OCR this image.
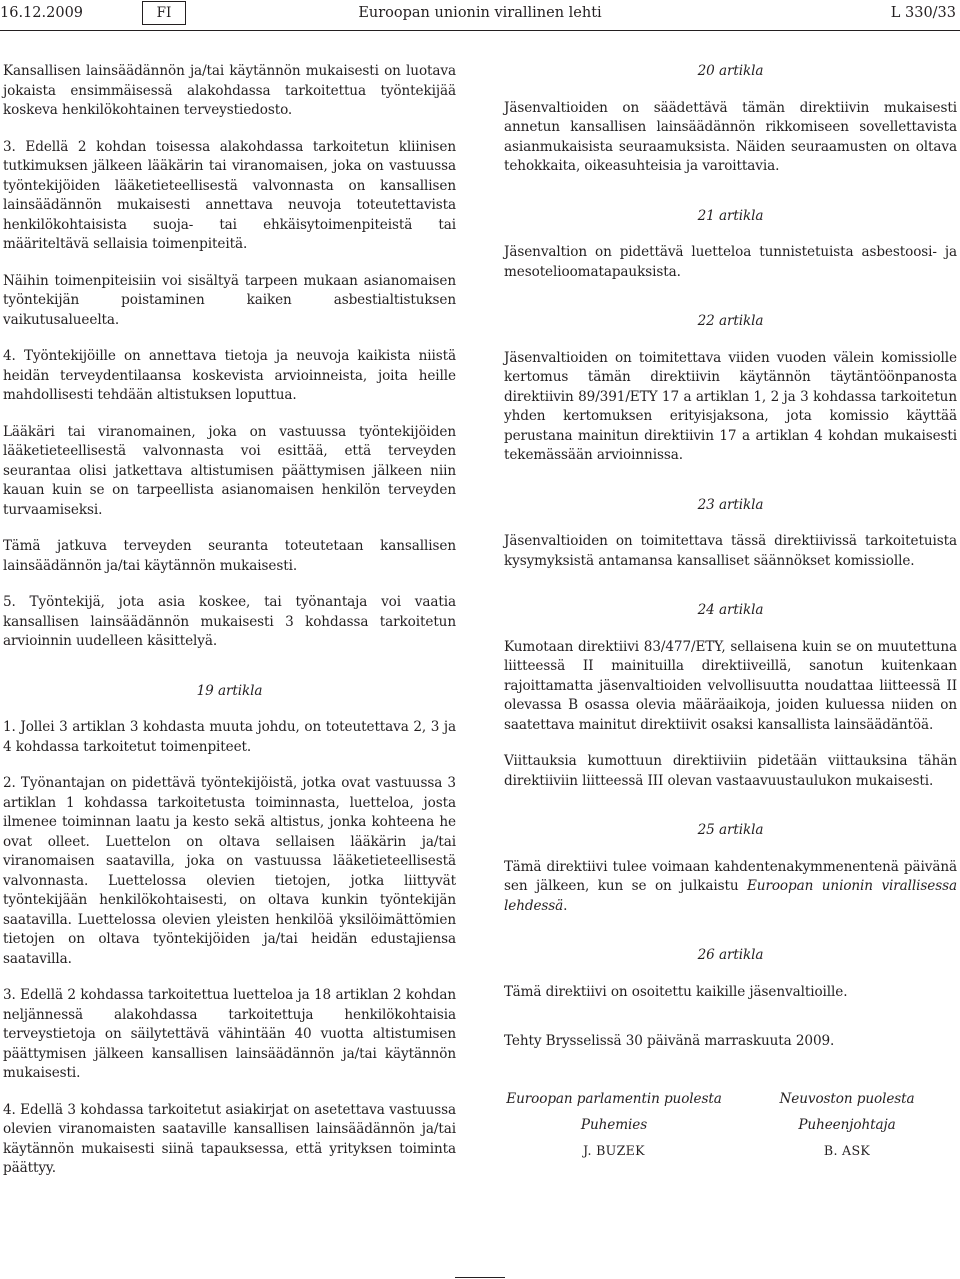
16.12.2009	FI	Euroopan unionin virallinen lehti	L 330/33

Kansallisen lainsäädännön ja/tai käytännön mukaisesti on luotava jokaista ensimmäisessä alakohdassa tarkoitettua työntekijää koskeva henkilökohtainen terveystiedosto.

3. Edellä 2 kohdan toisessa alakohdassa tarkoitetun kliinisen tutkimuksen jälkeen lääkärin tai viranomaisen, joka on vastuussa työntekijöiden lääketieteellisestä valvonnasta on kansallisen lainsäädännön mukaisesti annettava neuvoja toteutettavista henkilökohtaisista suoja- tai ehkäisytoimenpiteistä tai määriteltävä sellaisia toimenpiteitä.

Näihin toimenpiteisiin voi sisältyä tarpeen mukaan asianomaisen työntekijän poistaminen kaiken asbestialtistuksen vaikutusalueelta.

4. Työntekijöille on annettava tietoja ja neuvoja kaikista niistä heidän terveydentilaansa koskevista arvioinneista, joita heille mahdollisesti tehdään altistuksen loputtua.

Lääkäri tai viranomainen, joka on vastuussa työntekijöiden lääketieteellisestä valvonnasta voi esittää, että terveyden seurantaa olisi jatkettava altistumisen päättymisen jälkeen niin kauan kuin se on tarpeellista asianomaisen henkilön terveyden turvaamiseksi.

Tämä jatkuva terveyden seuranta toteutetaan kansallisen lainsäädännön ja/tai käytännön mukaisesti.

5. Työntekijä, jota asia koskee, tai työnantaja voi vaatia kansallisen lainsäädännön mukaisesti 3 kohdassa tarkoitetun arvioinnin uudelleen käsittelyä.

19 artikla

1. Jollei 3 artiklan 3 kohdasta muuta johdu, on toteutettava 2, 3 ja 4 kohdassa tarkoitetut toimenpiteet.

2. Työnantajan on pidettävä työntekijöistä, jotka ovat vastuussa 3 artiklan 1 kohdassa tarkoitetusta toiminnasta, luetteloa, josta ilmenee toiminnan laatu ja kesto sekä altistus, jonka kohteena he ovat olleet. Luettelon on oltava sellaisen lääkärin ja/tai viranomaisen saatavilla, joka on vastuussa lääketieteellisestä valvonnasta. Luettelossa olevien tietojen, jotka liittyvät työntekijään henkilökohtaisesti, on oltava kunkin työntekijän saatavilla. Luettelossa olevien yleisten henkilöä yksilöimättömien tietojen on oltava työntekijöiden ja/tai heidän edustajiensa saatavilla.

3. Edellä 2 kohdassa tarkoitettua luetteloa ja 18 artiklan 2 kohdan neljännessä alakohdassa tarkoitettuja henkilökohtaisia terveystietoja on säilytettävä vähintään 40 vuotta altistumisen päättymisen jälkeen kansallisen lainsäädännön ja/tai käytännön mukaisesti.

4. Edellä 3 kohdassa tarkoitetut asiakirjat on asetettava vastuussa olevien viranomaisten saataville kansallisen lainsäädännön ja/tai käytännön mukaisesti siinä tapauksessa, että yrityksen toiminta päättyy.

20 artikla

Jäsenvaltioiden on säädettävä tämän direktiivin mukaisesti annetun kansallisen lainsäädännön rikkomiseen sovellettavista asianmukaisista seuraamuksista. Näiden seuraamusten on oltava tehokkaita, oikeasuhteisia ja varoittavia.

21 artikla

Jäsenvaltion on pidettävä luetteloa tunnistetuista asbestoosi- ja mesotelioomatapauksista.

22 artikla

Jäsenvaltioiden on toimitettava viiden vuoden välein komissiolle kertomus tämän direktiivin käytännön täytäntöönpanosta direktiivin 89/391/ETY 17 a artiklan 1, 2 ja 3 kohdassa tarkoitetun yhden kertomuksen erityisjaksona, jota komissio käyttää perustana mainitun direktiivin 17 a artiklan 4 kohdan mukaisesti tekemässään arvioinnissa.

23 artikla

Jäsenvaltioiden on toimitettava tässä direktiivissä tarkoitetuista kysymyksistä antamansa kansalliset säännökset komissiolle.

24 artikla

Kumotaan direktiivi 83/477/ETY, sellaisena kuin se on muutettuna liitteessä II mainituilla direktiiveillä, sanotun kuitenkaan rajoittamatta jäsenvaltioiden velvollisuutta noudattaa liitteessä II olevassa B osassa olevia määräaikoja, joiden kuluessa niiden on saatettava mainitut direktiivit osaksi kansallista lainsäädäntöä.

Viittauksia kumottuun direktiiviin pidetään viittauksina tähän direktiiviin liitteessä III olevan vastaavuustaulukon mukaisesti.

25 artikla

Tämä direktiivi tulee voimaan kahdentenakymmenentenä päivänä sen jälkeen, kun se on julkaistu Euroopan unionin virallisessa lehdessä.

26 artikla

Tämä direktiivi on osoitettu kaikille jäsenvaltioille.

Tehty Brysselissä 30 päivänä marraskuuta 2009.

Euroopan parlamentin puolesta
Puhemies
J. BUZEK
Neuvoston puolesta
Puheenjohtaja
B. ASK
